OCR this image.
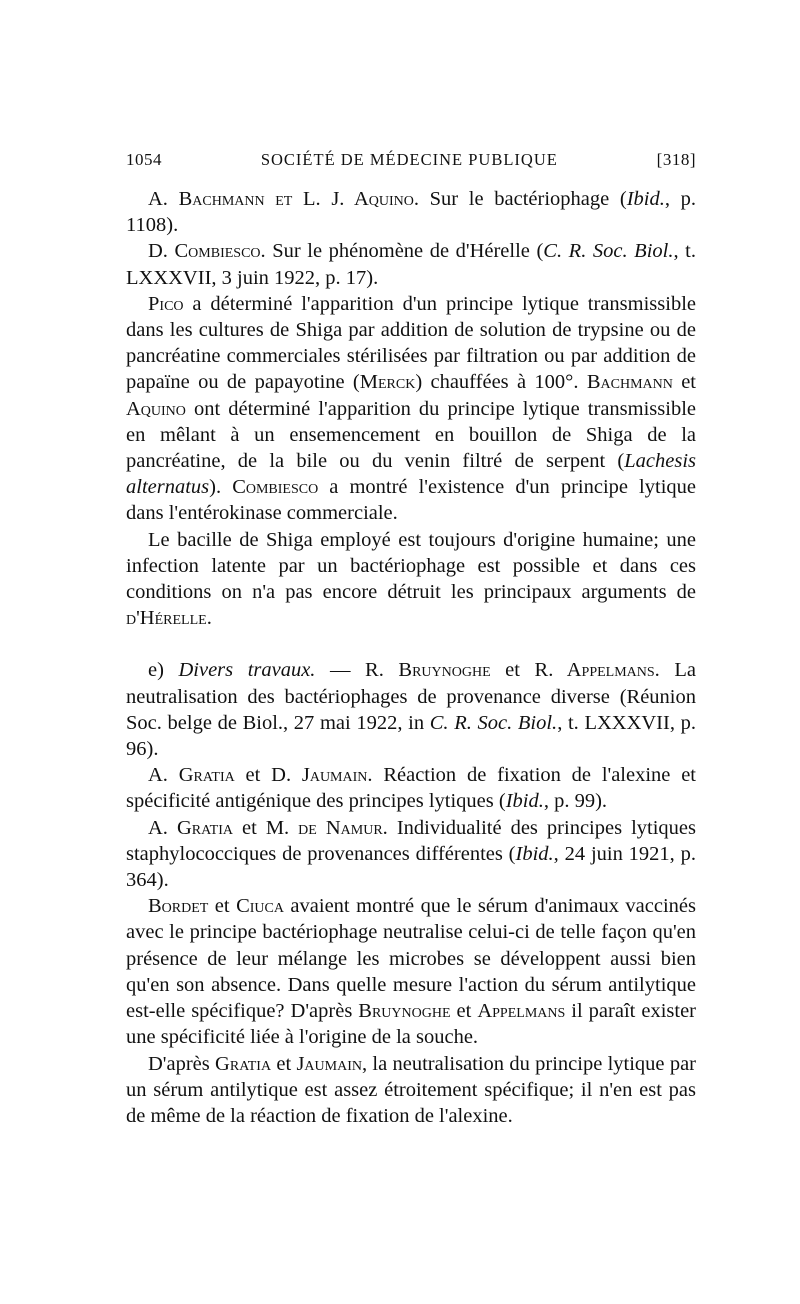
1054	SOCIÉTÉ DE MÉDECINE PUBLIQUE	[318]

A. Bachmann et L. J. Aquino. Sur le bactériophage (Ibid., p. 1108).

D. Combiesco. Sur le phénomène de d'Hérelle (C. R. Soc. Biol., t. LXXXVII, 3 juin 1922, p. 17).

Pico a déterminé l'apparition d'un principe lytique transmissible dans les cultures de Shiga par addition de solution de trypsine ou de pancréatine commerciales stérilisées par filtration ou par addition de papaïne ou de papayotine (Merck) chauffées à 100°. Bachmann et Aquino ont déterminé l'apparition du principe lytique transmissible en mêlant à un ensemencement en bouillon de Shiga de la pancréatine, de la bile ou du venin filtré de serpent (Lachesis alternatus). Combiesco a montré l'existence d'un principe lytique dans l'entérokinase commerciale.

Le bacille de Shiga employé est toujours d'origine humaine; une infection latente par un bactériophage est possible et dans ces conditions on n'a pas encore détruit les principaux arguments de d'Hérelle.

e) Divers travaux. — R. Bruynoghe et R. Appelmans. La neutralisation des bactériophages de provenance diverse (Réunion Soc. belge de Biol., 27 mai 1922, in C. R. Soc. Biol., t. LXXXVII, p. 96).

A. Gratia et D. Jaumain. Réaction de fixation de l'alexine et spécificité antigénique des principes lytiques (Ibid., p. 99).

A. Gratia et M. de Namur. Individualité des principes lytiques staphylococciques de provenances différentes (Ibid., 24 juin 1921, p. 364).

Bordet et Ciuca avaient montré que le sérum d'animaux vaccinés avec le principe bactériophage neutralise celui-ci de telle façon qu'en présence de leur mélange les microbes se développent aussi bien qu'en son absence. Dans quelle mesure l'action du sérum antilytique est-elle spécifique? D'après Bruynoghe et Appelmans il paraît exister une spécificité liée à l'origine de la souche.

D'après Gratia et Jaumain, la neutralisation du principe lytique par un sérum antilytique est assez étroitement spécifique; il n'en est pas de même de la réaction de fixation de l'alexine.
